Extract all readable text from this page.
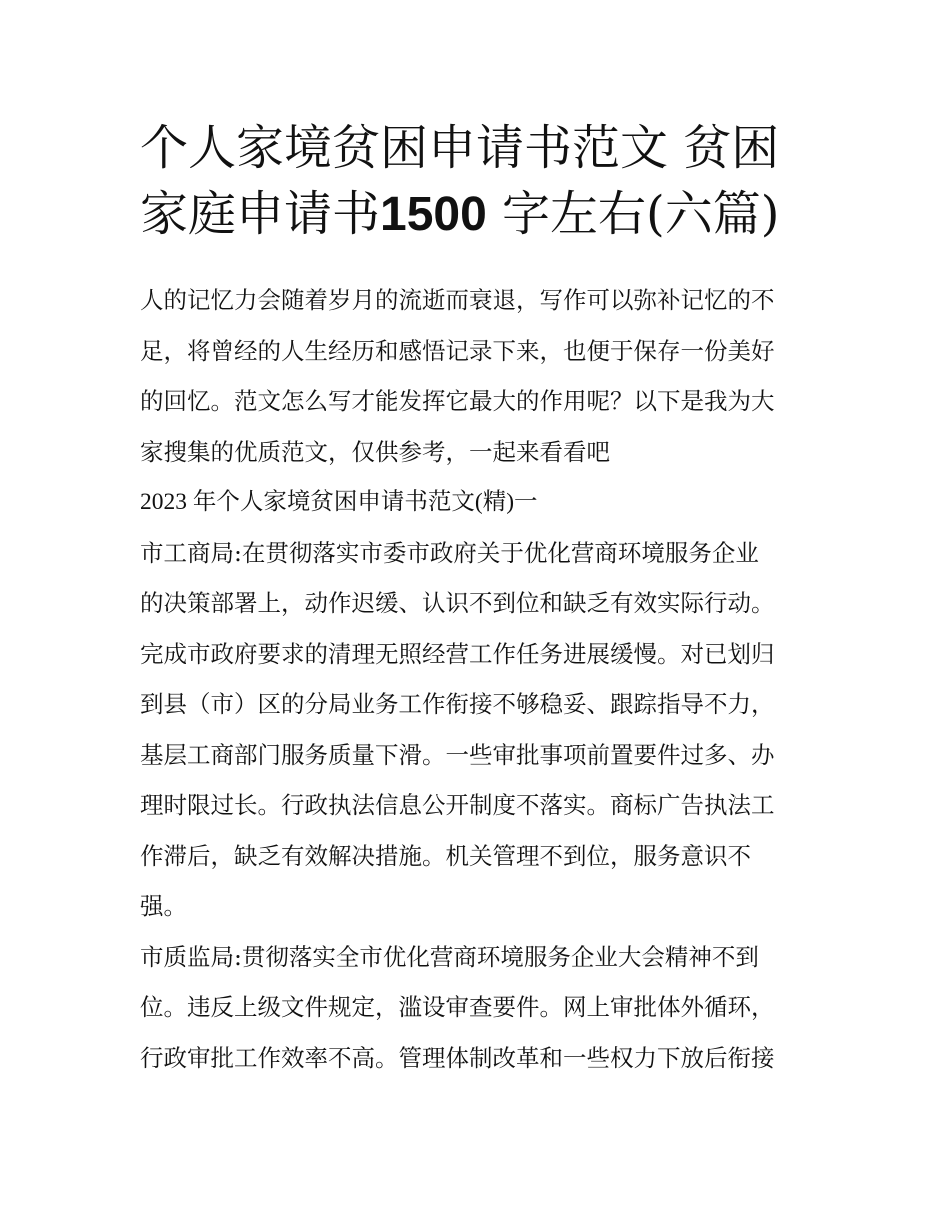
个人家境贫困申请书范文 贫困
家庭申请书1500 字左右(六篇)

人的记忆力会随着岁月的流逝而衰退，写作可以弥补记忆的不
足，将曾经的人生经历和感悟记录下来，也便于保存一份美好
的回忆。范文怎么写才能发挥它最大的作用呢？以下是我为大
家搜集的优质范文，仅供参考，一起来看看吧

2023 年个人家境贫困申请书范文(精)一

市工商局:在贯彻落实市委市政府关于优化营商环境服务企业
的决策部署上，动作迟缓、认识不到位和缺乏有效实际行动。
完成市政府要求的清理无照经营工作任务进展缓慢。对已划归
到县（市）区的分局业务工作衔接不够稳妥、跟踪指导不力，
基层工商部门服务质量下滑。一些审批事项前置要件过多、办
理时限过长。行政执法信息公开制度不落实。商标广告执法工
作滞后，缺乏有效解决措施。机关管理不到位，服务意识不
强。

市质监局:贯彻落实全市优化营商环境服务企业大会精神不到
位。违反上级文件规定，滥设审查要件。网上审批体外循环，
行政审批工作效率不高。管理体制改革和一些权力下放后衔接
